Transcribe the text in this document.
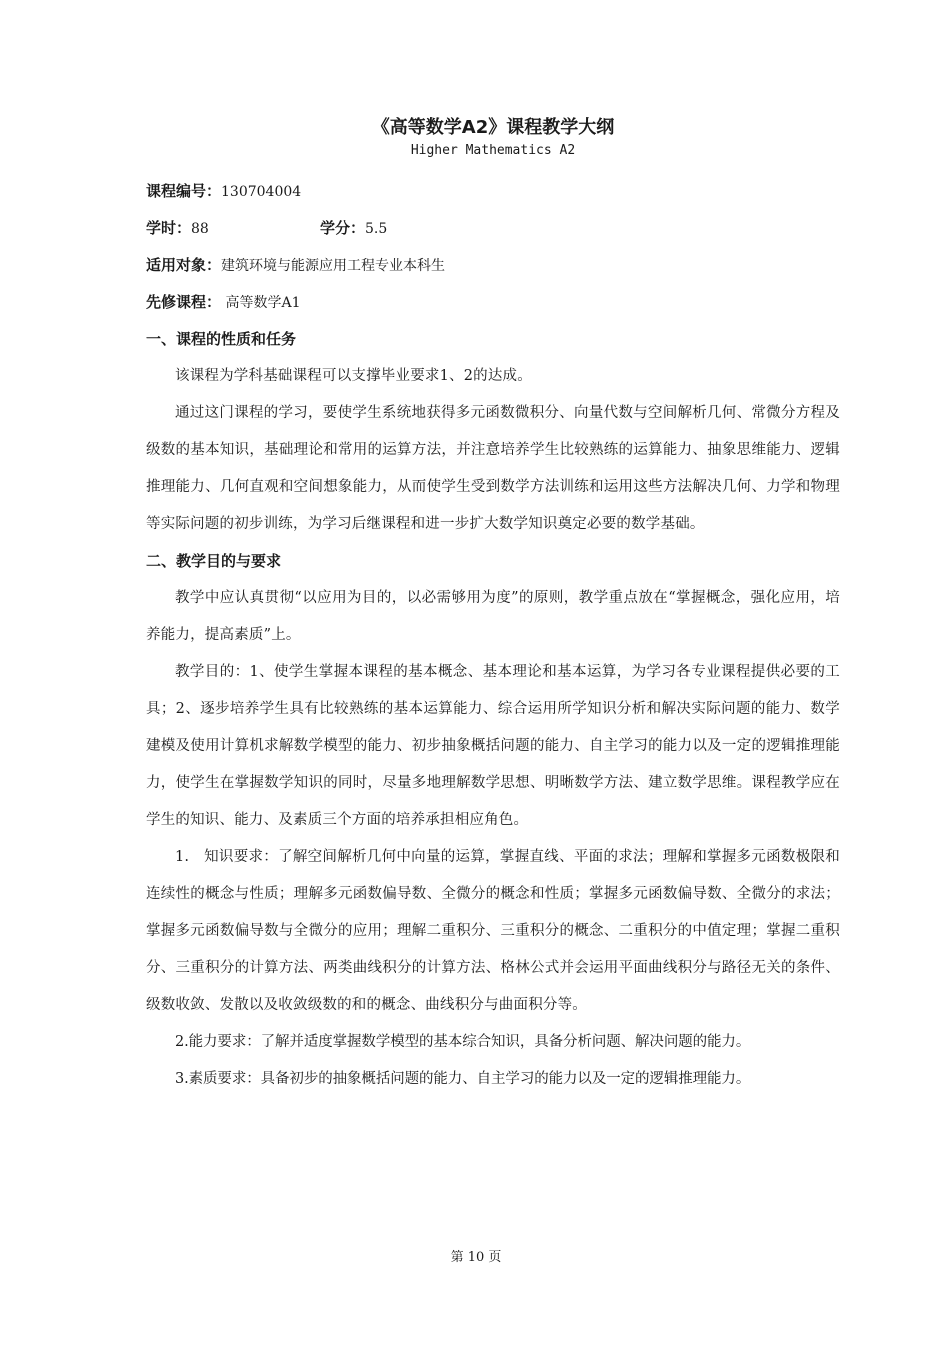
《高等数学A2》课程教学大纲
Higher Mathematics A2
课程编号：130704004
学时：88	学分：5.5
适用对象：建筑环境与能源应用工程专业本科生
先修课程： 高等数学A1
一、课程的性质和任务

该课程为学科基础课程可以支撑毕业要求1、2的达成。

通过这门课程的学习，要使学生系统地获得多元函数微积分、向量代数与空间解析几何、常微分方程及级数的基本知识，基础理论和常用的运算方法，并注意培养学生比较熟练的运算能力、抽象思维能力、逻辑推理能力、几何直观和空间想象能力，从而使学生受到数学方法训练和运用这些方法解决几何、力学和物理等实际问题的初步训练，为学习后继课程和进一步扩大数学知识奠定必要的数学基础。

二、教学目的与要求

教学中应认真贯彻“以应用为目的，以必需够用为度”的原则，教学重点放在“掌握概念，强化应用，培养能力，提高素质”上。

教学目的：1、使学生掌握本课程的基本概念、基本理论和基本运算，为学习各专业课程提供必要的工具；2、逐步培养学生具有比较熟练的基本运算能力、综合运用所学知识分析和解决实际问题的能力、数学建模及使用计算机求解数学模型的能力、初步抽象概括问题的能力、自主学习的能力以及一定的逻辑推理能力，使学生在掌握数学知识的同时，尽量多地理解数学思想、明晰数学方法、建立数学思维。课程教学应在学生的知识、能力、及素质三个方面的培养承担相应角色。

1.　知识要求：了解空间解析几何中向量的运算，掌握直线、平面的求法；理解和掌握多元函数极限和连续性的概念与性质；理解多元函数偏导数、全微分的概念和性质；掌握多元函数偏导数、全微分的求法；掌握多元函数偏导数与全微分的应用；理解二重积分、三重积分的概念、二重积分的中值定理；掌握二重积分、三重积分的计算方法、两类曲线积分的计算方法、格林公式并会运用平面曲线积分与路径无关的条件、级数收敛、发散以及收敛级数的和的概念、曲线积分与曲面积分等。

2.能力要求：了解并适度掌握数学模型的基本综合知识，具备分析问题、解决问题的能力。

3.素质要求：具备初步的抽象概括问题的能力、自主学习的能力以及一定的逻辑推理能力。

第 10 页
